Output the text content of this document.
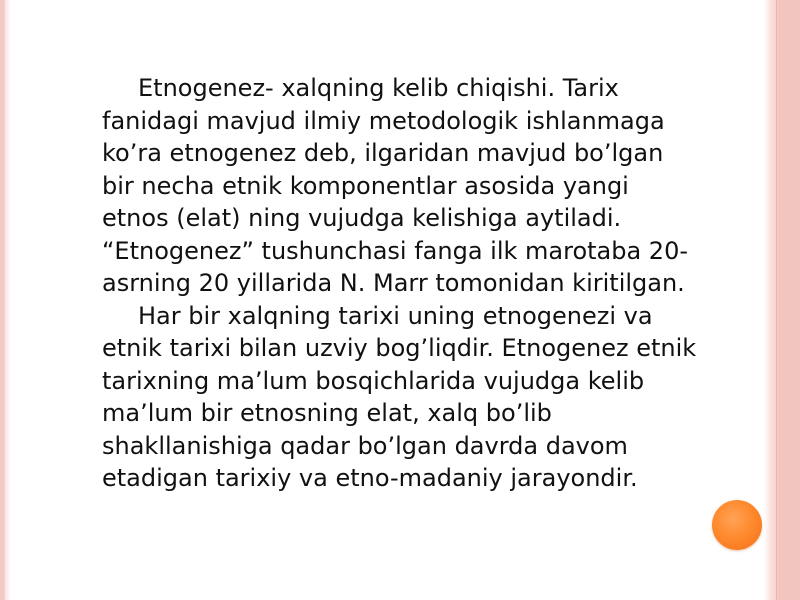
Etnogenez- xalqning kelib chiqishi. Tarix fanidagi mavjud ilmiy metodologik ishlanmaga ko’ra etnogenez deb, ilgaridan mavjud bo’lgan bir necha etnik komponentlar asosida yangi etnos (elat) ning vujudga kelishiga aytiladi. “Etnogenez” tushunchasi fanga ilk marotaba 20- asrning 20 yillarida N. Marr tomonidan kiritilgan.

Har bir xalqning tarixi uning etnogenezi va etnik tarixi bilan uzviy bog’liqdir. Etnogenez etnik tarixning ma’lum bosqichlarida vujudga kelib ma’lum bir etnosning elat, xalq bo’lib shakllanishiga qadar bo’lgan davrda davom etadigan tarixiy va etno-madaniy jarayondir.
